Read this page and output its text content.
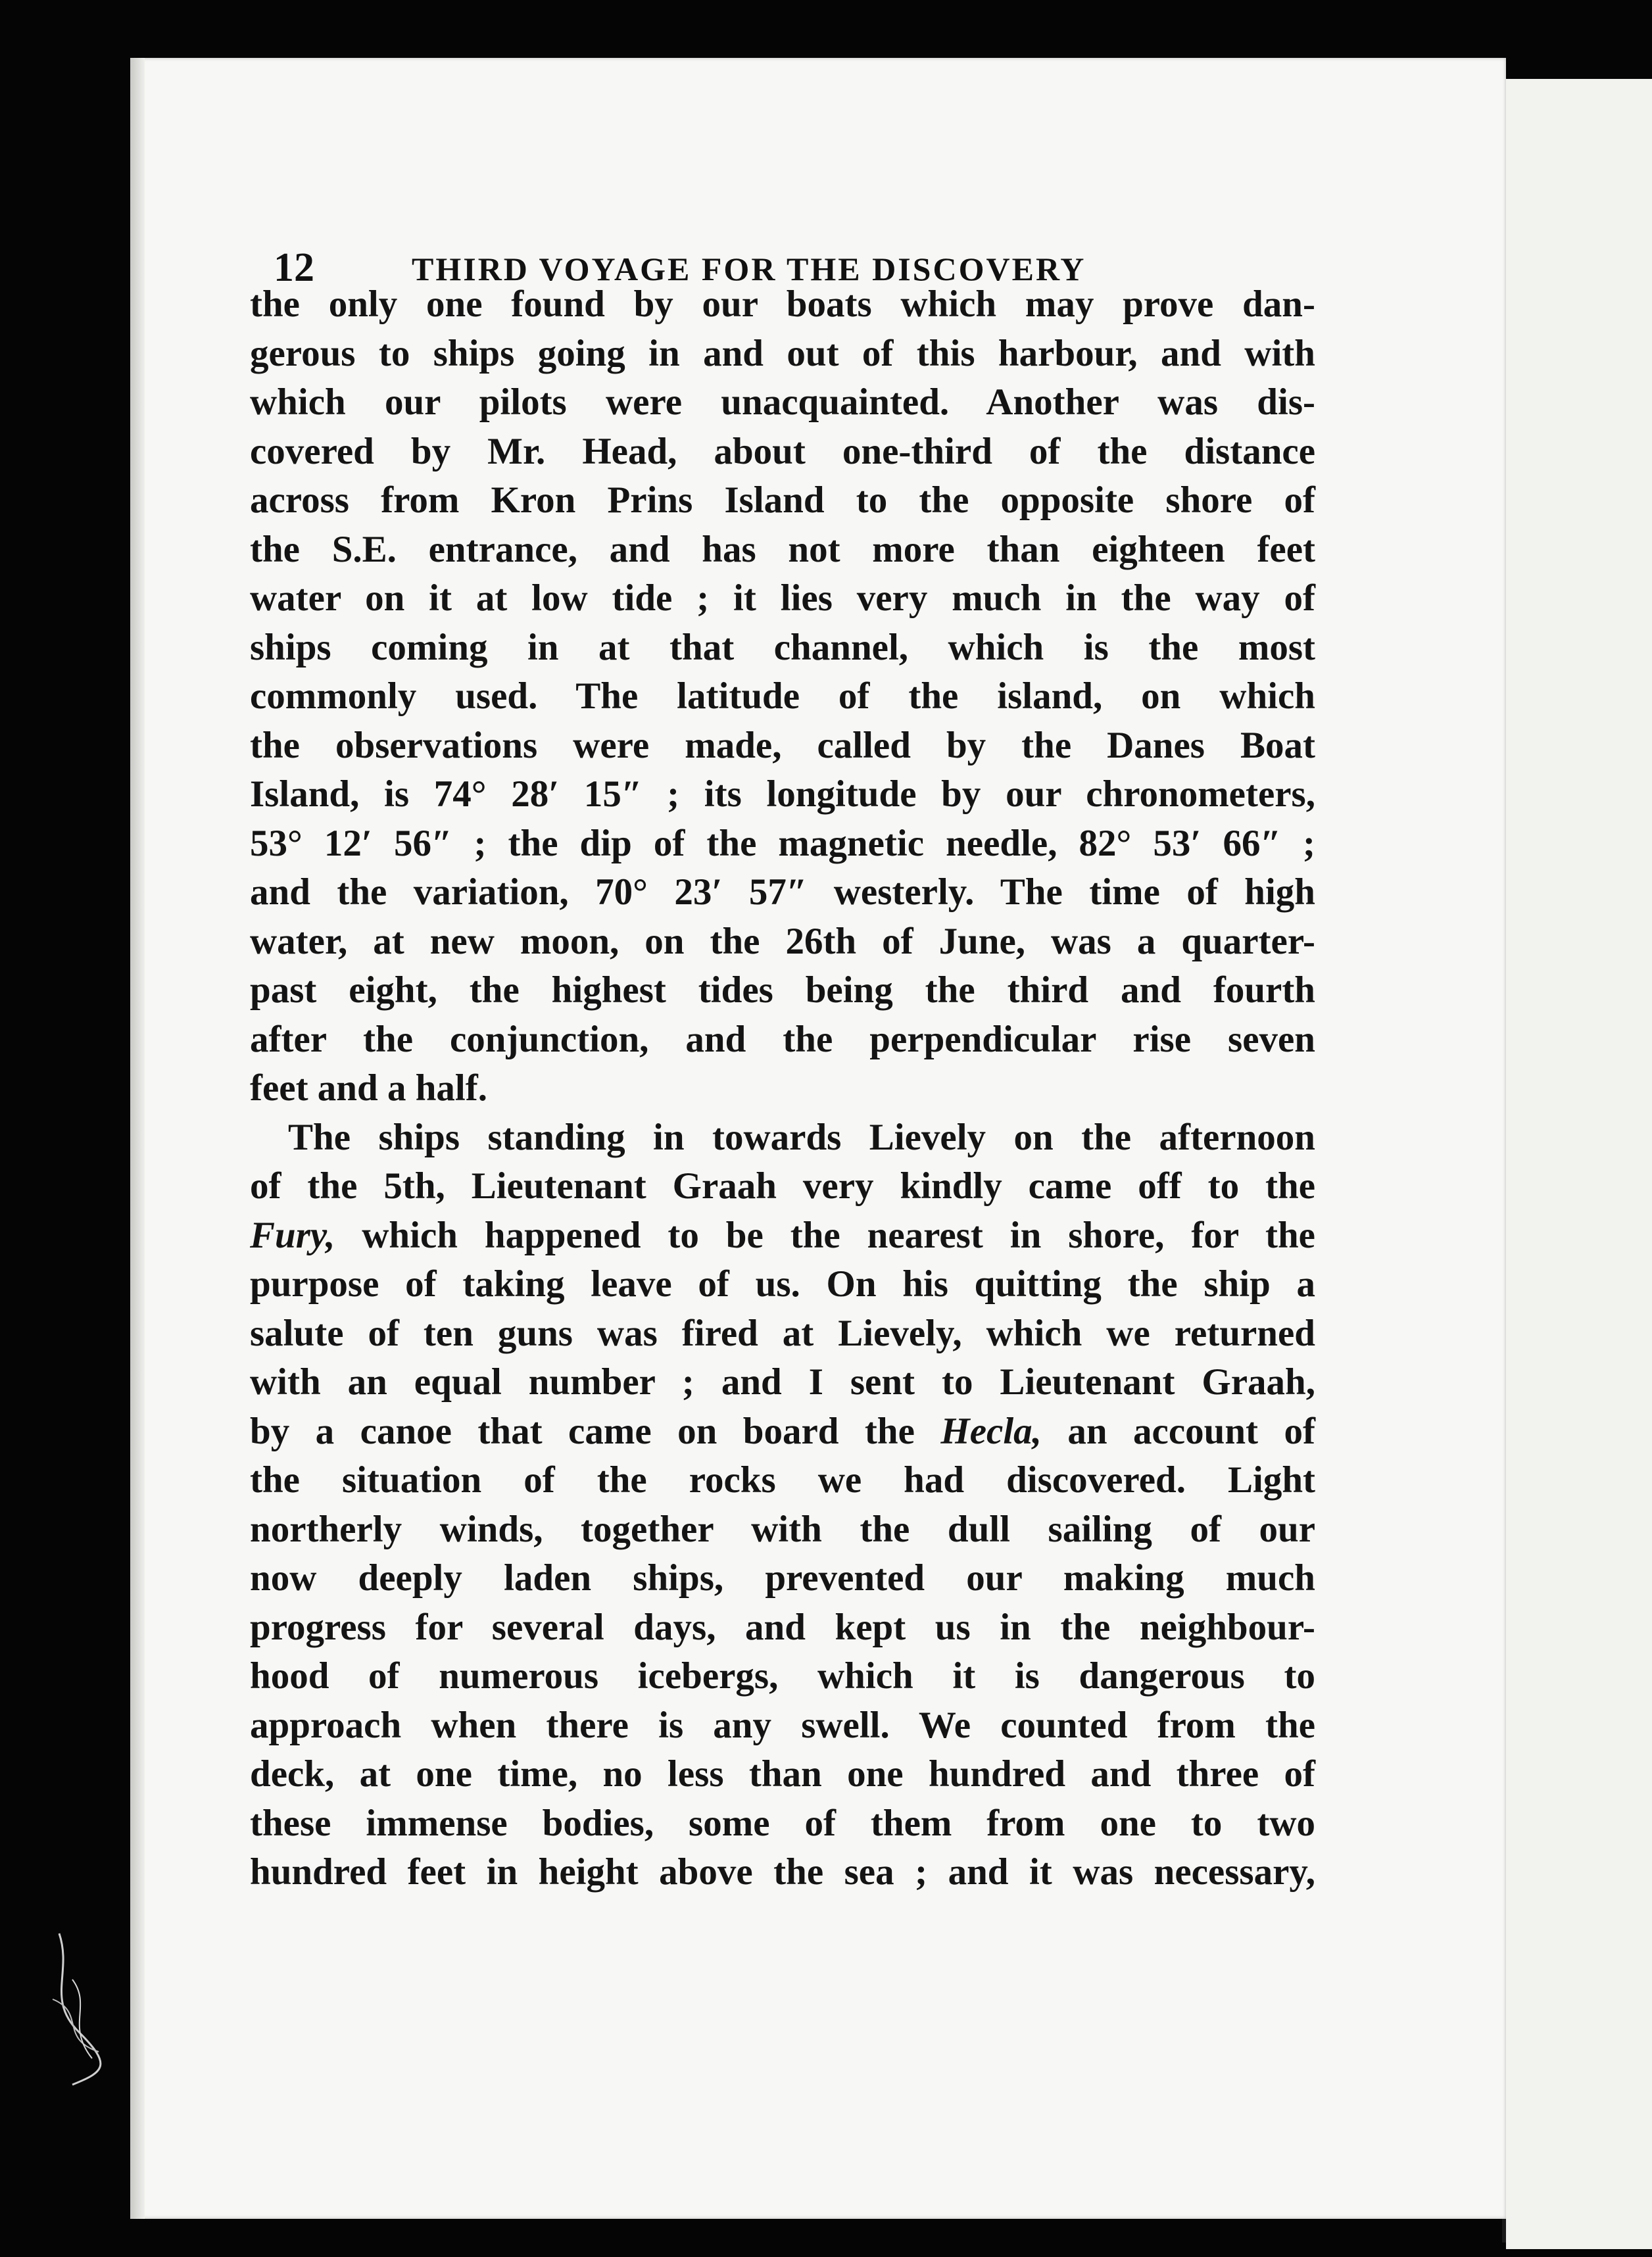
12	THIRD VOYAGE FOR THE DISCOVERY
the only one found by our boats which may prove dan-
gerous to ships going in and out of this harbour, and with
which our pilots were unacquainted. Another was dis-
covered by Mr. Head, about one-third of the distance
across from Kron Prins Island to the opposite shore of
the S.E. entrance, and has not more than eighteen feet
water on it at low tide ; it lies very much in the way of
ships coming in at that channel, which is the most
commonly used. The latitude of the island, on which
the observations were made, called by the Danes Boat
Island, is 74° 28′ 15″ ; its longitude by our chronometers,
53° 12′ 56″ ; the dip of the magnetic needle, 82° 53′ 66″ ;
and the variation, 70° 23′ 57″ westerly. The time of high
water, at new moon, on the 26th of June, was a quarter-
past eight, the highest tides being the third and fourth
after the conjunction, and the perpendicular rise seven
feet and a half.
The ships standing in towards Lievely on the afternoon
of the 5th, Lieutenant Graah very kindly came off to the
Fury, which happened to be the nearest in shore, for the
purpose of taking leave of us. On his quitting the ship a
salute of ten guns was fired at Lievely, which we returned
with an equal number ; and I sent to Lieutenant Graah,
by a canoe that came on board the Hecla, an account of
the situation of the rocks we had discovered. Light
northerly winds, together with the dull sailing of our
now deeply laden ships, prevented our making much
progress for several days, and kept us in the neighbour-
hood of numerous icebergs, which it is dangerous to
approach when there is any swell. We counted from the
deck, at one time, no less than one hundred and three of
these immense bodies, some of them from one to two
hundred feet in height above the sea ; and it was necessary,
